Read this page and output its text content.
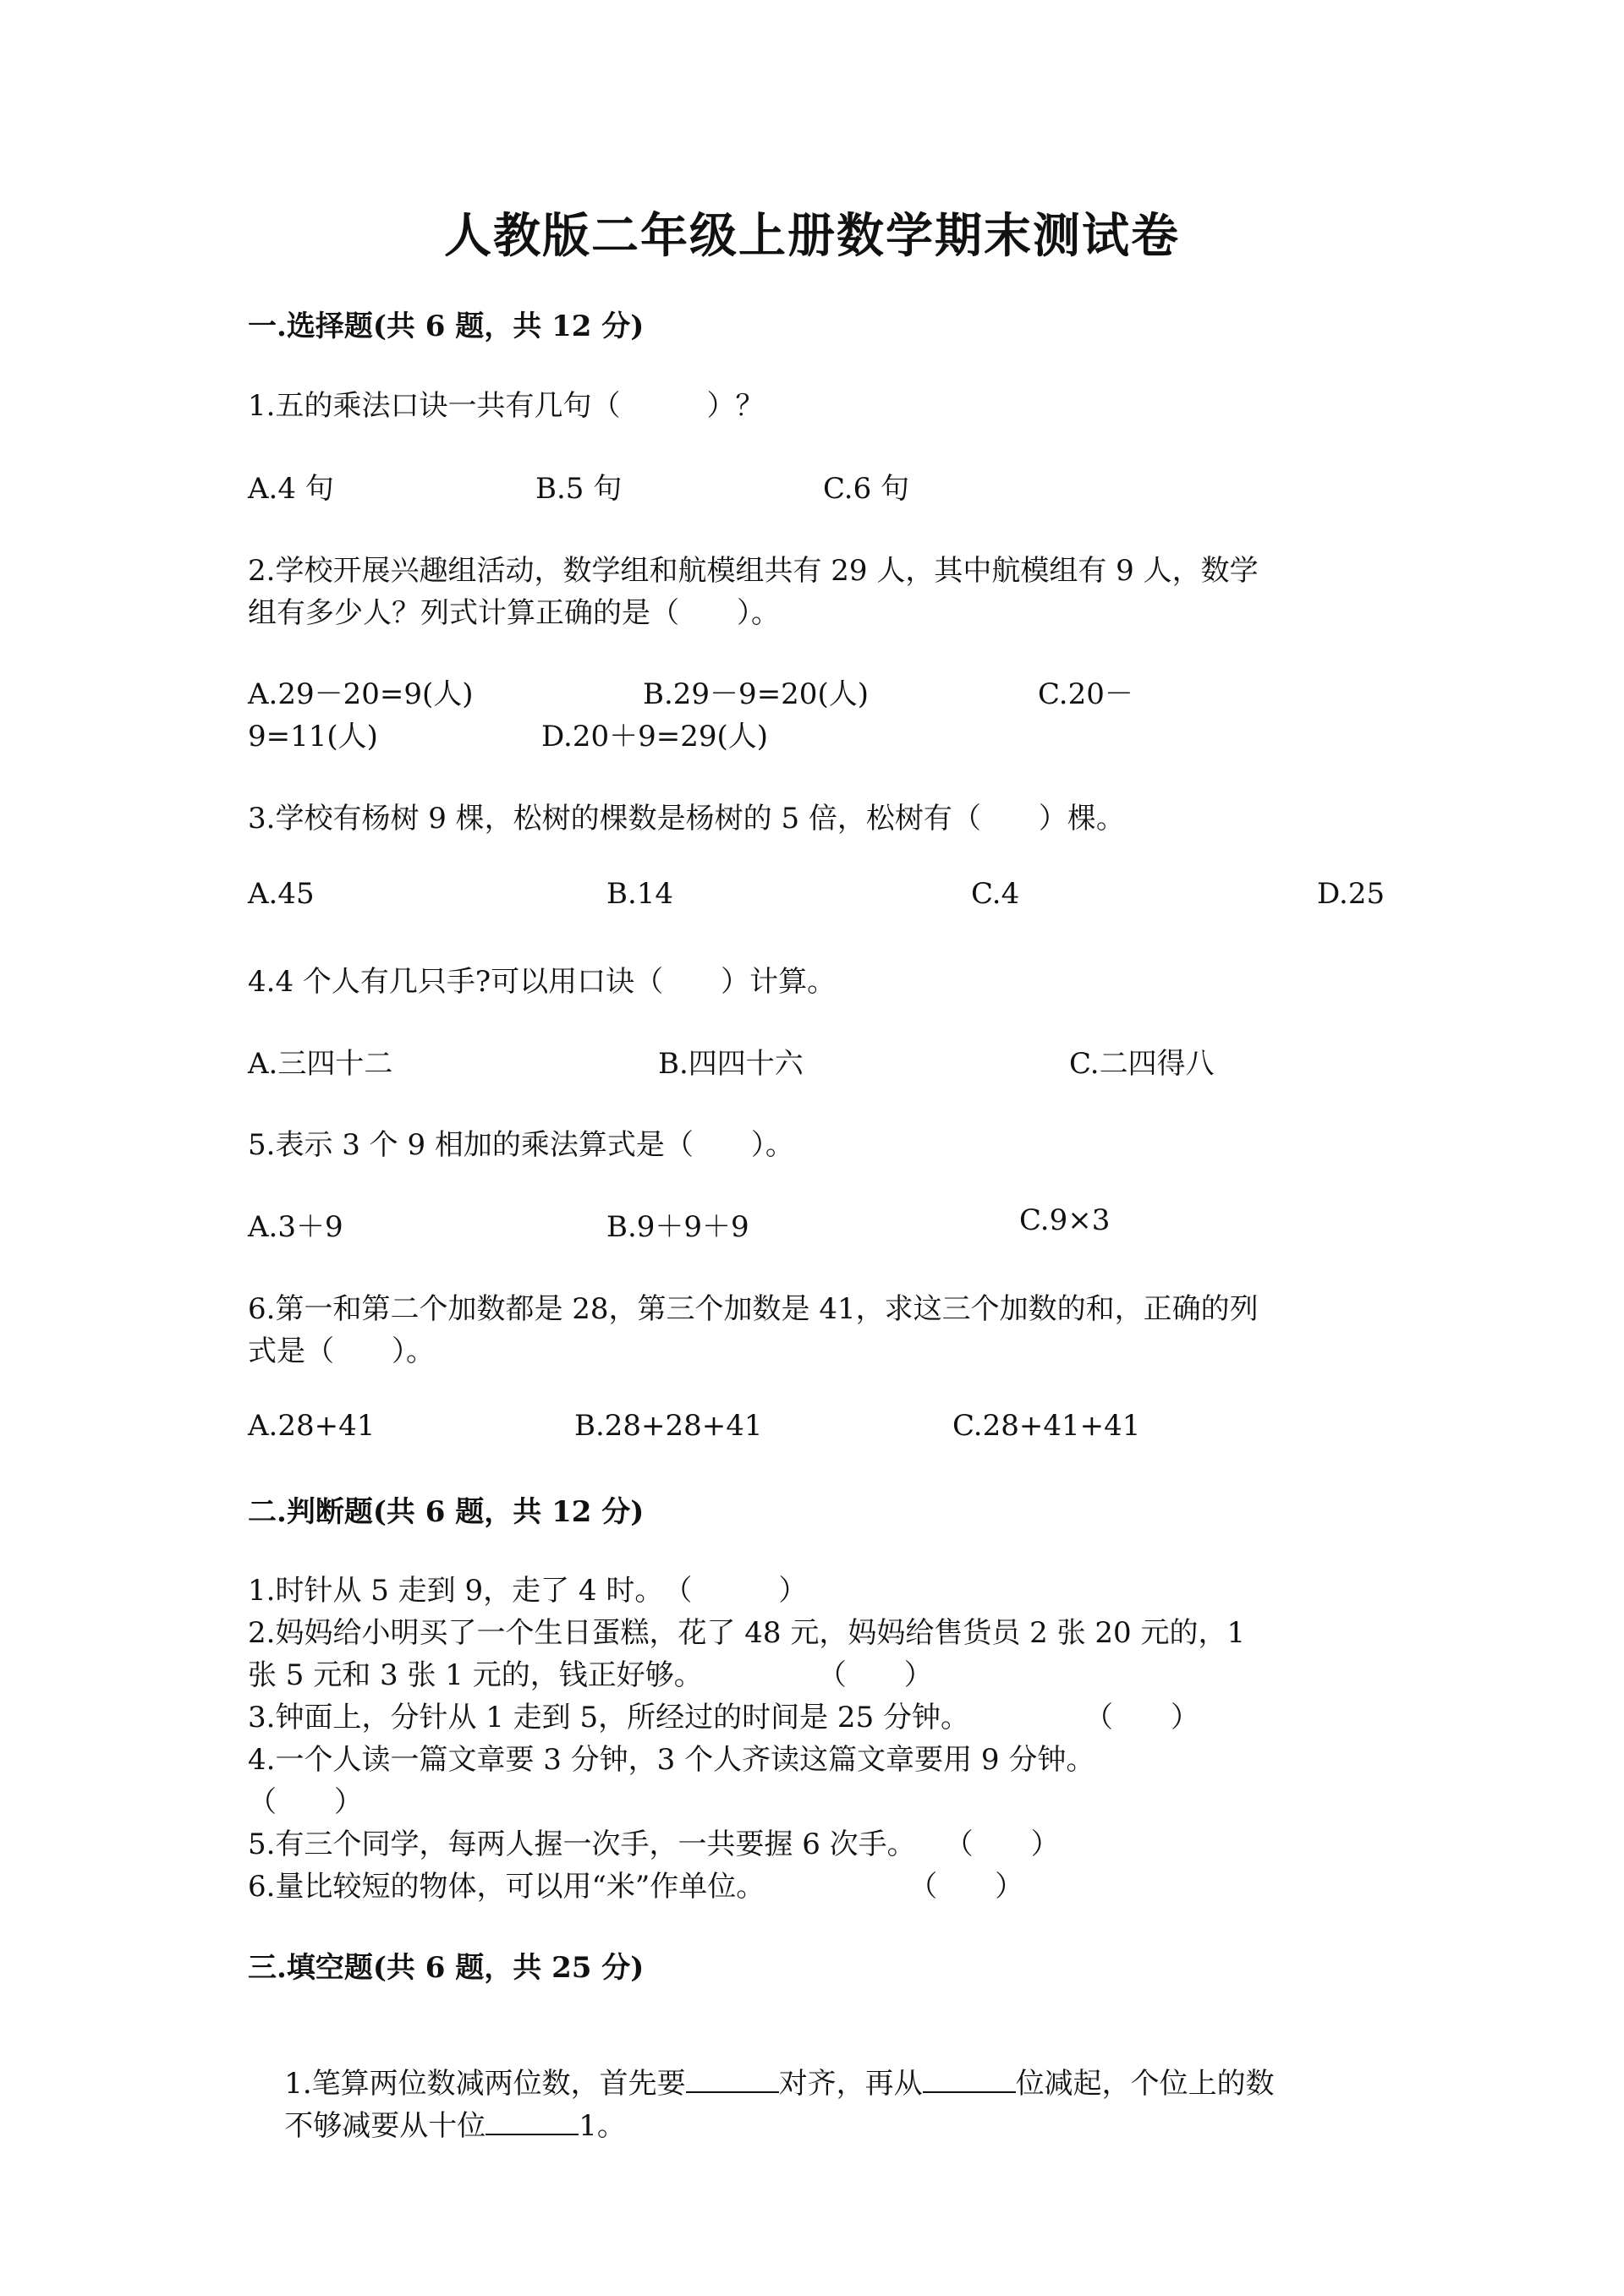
人教版二年级上册数学期末测试卷
一.选择题(共 6 题，共 12 分)
1.五的乘法口诀一共有几句（　　　）？
A.4 句	B.5 句	C.6 句
2.学校开展兴趣组活动，数学组和航模组共有 29 人，其中航模组有 9 人，数学
组有多少人？列式计算正确的是（　　）。
A.29－20=9(人)	B.29－9=20(人)	C.20－
9=11(人)	D.20＋9=29(人)
3.学校有杨树 9 棵，松树的棵数是杨树的 5 倍，松树有（　　）棵。
A.45	B.14	C.4	D.25
4.4 个人有几只手?可以用口诀（　　）计算。
A.三四十二	B.四四十六	C.二四得八
5.表示 3 个 9 相加的乘法算式是（　　）。
A.3＋9	B.9＋9＋9	C.9×3
6.第一和第二个加数都是 28，第三个加数是 41，求这三个加数的和，正确的列
式是（　　）。
A.28+41	B.28+28+41	C.28+41+41
二.判断题(共 6 题，共 12 分)
1.时针从 5 走到 9，走了 4 时。　（　　　）
2.妈妈给小明买了一个生日蛋糕，花了 48 元，妈妈给售货员 2 张 20 元的，1
张 5 元和 3 张 1 元的，钱正好够。　　　　　（　　）
3.钟面上，分针从 1 走到 5，所经过的时间是 25 分钟。　　　　　（　　）
4.一个人读一篇文章要 3 分钟，3 个人齐读这篇文章要用 9 分钟。
（　　）
5.有三个同学，每两人握一次手，一共要握 6 次手。　　（　　）
6.量比较短的物体，可以用“米”作单位。　　　　　　（　　）
三.填空题(共 6 题，共 25 分)

1.笔算两位数减两位数，首先要	对齐，再从	位减起，个位上的数

不够减要从十位	1。
